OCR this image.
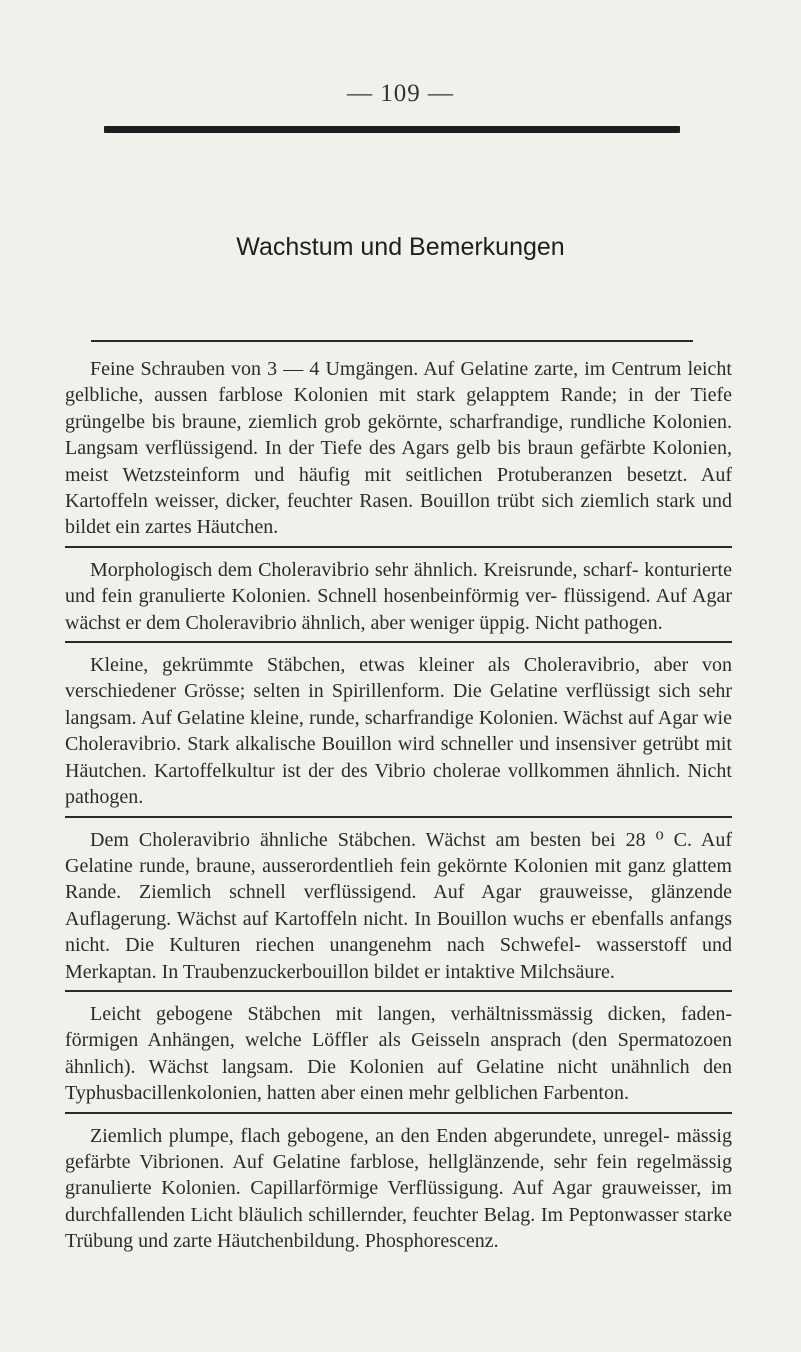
— 109 —
Wachstum und Bemerkungen

Feine Schrauben von 3 — 4 Umgängen. Auf Gelatine zarte, im Centrum leicht gelbliche, aussen farblose Kolonien mit stark gelapptem Rande; in der Tiefe grüngelbe bis braune, ziemlich grob gekörnte, scharfrandige, rundliche Kolonien. Langsam verflüssigend. In der Tiefe des Agars gelb bis braun gefärbte Kolonien, meist Wetzsteinform und häufig mit seitlichen Protuberanzen besetzt. Auf Kartoffeln weisser, dicker, feuchter Rasen. Bouillon trübt sich ziemlich stark und bildet ein zartes Häutchen.

Morphologisch dem Choleravibrio sehr ähnlich. Kreisrunde, scharf- konturierte und fein granulierte Kolonien. Schnell hosenbeinförmig ver- flüssigend. Auf Agar wächst er dem Choleravibrio ähnlich, aber weniger üppig. Nicht pathogen.

Kleine, gekrümmte Stäbchen, etwas kleiner als Choleravibrio, aber von verschiedener Grösse; selten in Spirillenform. Die Gelatine verflüssigt sich sehr langsam. Auf Gelatine kleine, runde, scharfrandige Kolonien. Wächst auf Agar wie Choleravibrio. Stark alkalische Bouillon wird schneller und insensiver getrübt mit Häutchen. Kartoffelkultur ist der des Vibrio cholerae vollkommen ähnlich. Nicht pathogen.

Dem Choleravibrio ähnliche Stäbchen. Wächst am besten bei 28 ⁰ C. Auf Gelatine runde, braune, ausserordentlieh fein gekörnte Kolonien mit ganz glattem Rande. Ziemlich schnell verflüssigend. Auf Agar grauweisse, glänzende Auflagerung. Wächst auf Kartoffeln nicht. In Bouillon wuchs er ebenfalls anfangs nicht. Die Kulturen riechen unangenehm nach Schwefel- wasserstoff und Merkaptan. In Traubenzuckerbouillon bildet er intaktive Milchsäure.

Leicht gebogene Stäbchen mit langen, verhältnissmässig dicken, faden- förmigen Anhängen, welche Löffler als Geisseln ansprach (den Spermatozoen ähnlich). Wächst langsam. Die Kolonien auf Gelatine nicht unähnlich den Typhusbacillenkolonien, hatten aber einen mehr gelblichen Farbenton.

Ziemlich plumpe, flach gebogene, an den Enden abgerundete, unregel- mässig gefärbte Vibrionen. Auf Gelatine farblose, hellglänzende, sehr fein regelmässig granulierte Kolonien. Capillarförmige Verflüssigung. Auf Agar grauweisser, im durchfallenden Licht bläulich schillernder, feuchter Belag. Im Peptonwasser starke Trübung und zarte Häutchenbildung. Phosphorescenz.
